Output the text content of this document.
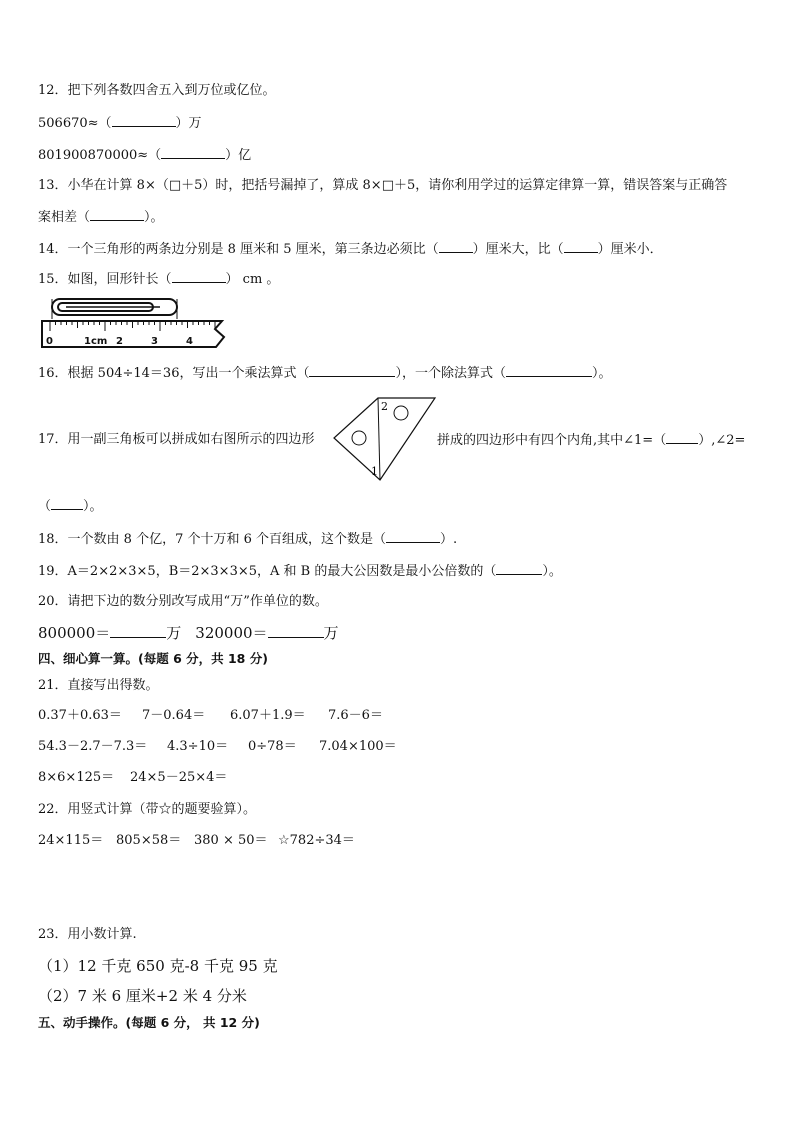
12．把下列各数四舍五入到万位或亿位。
506670≈（	）万
801900870000≈（	）亿
13．小华在计算 8×（□＋5）时，把括号漏掉了，算成 8×□＋5，请你利用学过的运算定律算一算，错误答案与正确答
案相差（	）。
14．一个三角形的两条边分别是 8 厘米和 5 厘米，第三条边必须比（	）厘米大，比（	）厘米小．
15．如图，回形针长（	） cm 。
0	1cm 2	3	4
16．根据 504÷14＝36，写出一个乘法算式（	），一个除法算式（	）。
17．用一副三角板可以拼成如右图所示的四边形
2
1
拼成的四边形中有四个内角,其中∠1=（ ）,∠2=
（ ）。
18．一个数由 8 个亿，7 个十万和 6 个百组成，这个数是（	）.
19．A＝2×2×3×5，B＝2×3×3×5，A 和 B 的最大公因数是最小公倍数的（	）。
20．请把下边的数分别改写成用“万”作单位的数。
800000＝	万 320000＝	万
四、细心算一算。(每题 6 分，共 18 分)
21．直接写出得数。
0.37＋0.63＝ 7－0.64＝ 6.07＋1.9＝ 7.6－6＝
54.3－2.7－7.3＝ 4.3÷10＝ 0÷78＝ 7.04×100＝
8×6×125＝ 24×5－25×4＝
22．用竖式计算（带☆的题要验算）。
24×115＝ 805×58＝ 380 × 50＝ ☆782÷34＝
23．用小数计算.
（1）12 千克 650 克-8 千克 95 克
（2）7 米 6 厘米+2 米 4 分米
五、动手操作。(每题 6 分， 共 12 分)
